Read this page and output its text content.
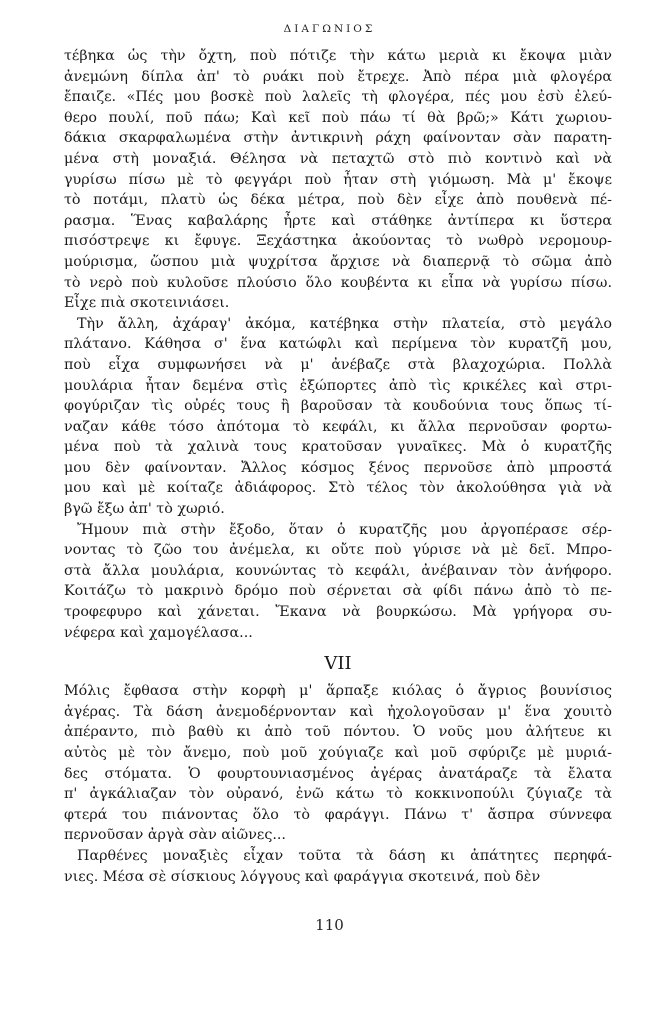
ΔΙΑΓΩΝΙΟΣ
τέβηκα ὡς τὴν ὄχτη, ποὺ πότιζε τὴν κάτω μεριὰ κι ἔκοψα μιὰν
ἀνεμώνη δίπλα ἀπ' τὸ ρυάκι ποὺ ἔτρεχε. Ἀπὸ πέρα μιὰ φλογέρα
ἔπαιζε. «Πές μου βοσκὲ ποὺ λαλεῖς τὴ φλογέρα, πές μου ἐσὺ ἐλεύ-
θερο πουλί, ποῦ πάω; Καὶ κεῖ ποὺ πάω τί θὰ βρῶ;» Κάτι χωριου-
δάκια σκαρφαλωμένα στὴν ἀντικρινὴ ράχη φαίνονταν σὰν παρατη-
μένα στὴ μοναξιά. Θέλησα νὰ πεταχτῶ στὸ πιὸ κοντινὸ καὶ νὰ
γυρίσω πίσω μὲ τὸ φεγγάρι ποὺ ἦταν στὴ γιόμωση. Μὰ μ' ἔκοψε
τὸ ποτάμι, πλατὺ ὡς δέκα μέτρα, ποὺ δὲν εἶχε ἀπὸ πουθενὰ πέ-
ρασμα. Ἕνας καβαλάρης ἦρτε καὶ στάθηκε ἀντίπερα κι ὕστερα
πισόστρεψε κι ἔφυγε. Ξεχάστηκα ἀκούοντας τὸ νωθρὸ νερομουρ-
μούρισμα, ὥσπου μιὰ ψυχρίτσα ἄρχισε νὰ διαπερνᾷ τὸ σῶμα ἀπὸ
τὸ νερὸ ποὺ κυλοῦσε πλούσιο ὅλο κουβέντα κι εἶπα νὰ γυρίσω πίσω.
Εἶχε πιὰ σκοτεινιάσει.
Τὴν ἄλλη, ἀχάραγ' ἀκόμα, κατέβηκα στὴν πλατεία, στὸ μεγάλο
πλάτανο. Κάθησα σ' ἕνα κατώφλι καὶ περίμενα τὸν κυρατζῆ μου,
ποὺ εἶχα συμφωνήσει νὰ μ' ἀνέβαζε στὰ βλαχοχώρια. Πολλὰ
μουλάρια ἦταν δεμένα στὶς ἐξώπορτες ἀπὸ τὶς κρικέλες καὶ στρι-
φογύριζαν τὶς οὐρές τους ἢ βαροῦσαν τὰ κουδούνια τους ὅπως τί-
ναζαν κάθε τόσο ἀπότομα τὸ κεφάλι, κι ἄλλα περνοῦσαν φορτω-
μένα ποὺ τὰ χαλινὰ τους κρατοῦσαν γυναῖκες. Μὰ ὁ κυρατζῆς
μου δὲν φαίνονταν. Ἄλλος κόσμος ξένος περνοῦσε ἀπὸ μπροστά
μου καὶ μὲ κοίταζε ἀδιάφορος. Στὸ τέλος τὸν ἀκολούθησα γιὰ νὰ
βγῶ ἔξω ἀπ' τὸ χωριό.
Ἤμουν πιὰ στὴν ἔξοδο, ὅταν ὁ κυρατζῆς μου ἀργοπέρασε σέρ-
νοντας τὸ ζῶο του ἀνέμελα, κι οὔτε ποὺ γύρισε νὰ μὲ δεῖ. Μπρο-
στὰ ἄλλα μουλάρια, κουνώντας τὸ κεφάλι, ἀνέβαιναν τὸν ἀνήφορο.
Κοιτάζω τὸ μακρινὸ δρόμο ποὺ σέρνεται σὰ φίδι πάνω ἀπὸ τὸ πε-
τροφεφυρο καὶ χάνεται. Ἔκανα νὰ βουρκώσω. Μὰ γρήγορα συ-
νέφερα καὶ χαμογέλασα...
VII
Μόλις ἔφθασα στὴν κορφὴ μ' ἅρπαξε κιόλας ὁ ἄγριος βουνίσιος
ἀγέρας. Τὰ δάση ἀνεμοδέρνονταν καὶ ἠχολογοῦσαν μ' ἕνα χουιτὸ
ἀπέραντο, πιὸ βαθὺ κι ἀπὸ τοῦ πόντου. Ὁ νοῦς μου ἀλήτευε κι
αὐτὸς μὲ τὸν ἄνεμο, ποὺ μοῦ χούγιαζε καὶ μοῦ σφύριζε μὲ μυριά-
δες στόματα. Ὁ φουρτουνιασμένος ἀγέρας ἀνατάραζε τὰ ἔλατα
π' ἀγκάλιαζαν τὸν οὐρανό, ἐνῶ κάτω τὸ κοκκινοπούλι ζύγιαζε τὰ
φτερά του πιάνοντας ὅλο τὸ φαράγγι. Πάνω τ' ἄσπρα σύννεφα
περνοῦσαν ἀργὰ σὰν αἰῶνες...
Παρθένες μοναξιὲς εἶχαν τοῦτα τὰ δάση κι ἀπάτητες περηφά-
νιες. Μέσα σὲ σίσκιους λόγγους καὶ φαράγγια σκοτεινά, ποὺ δὲν
110
